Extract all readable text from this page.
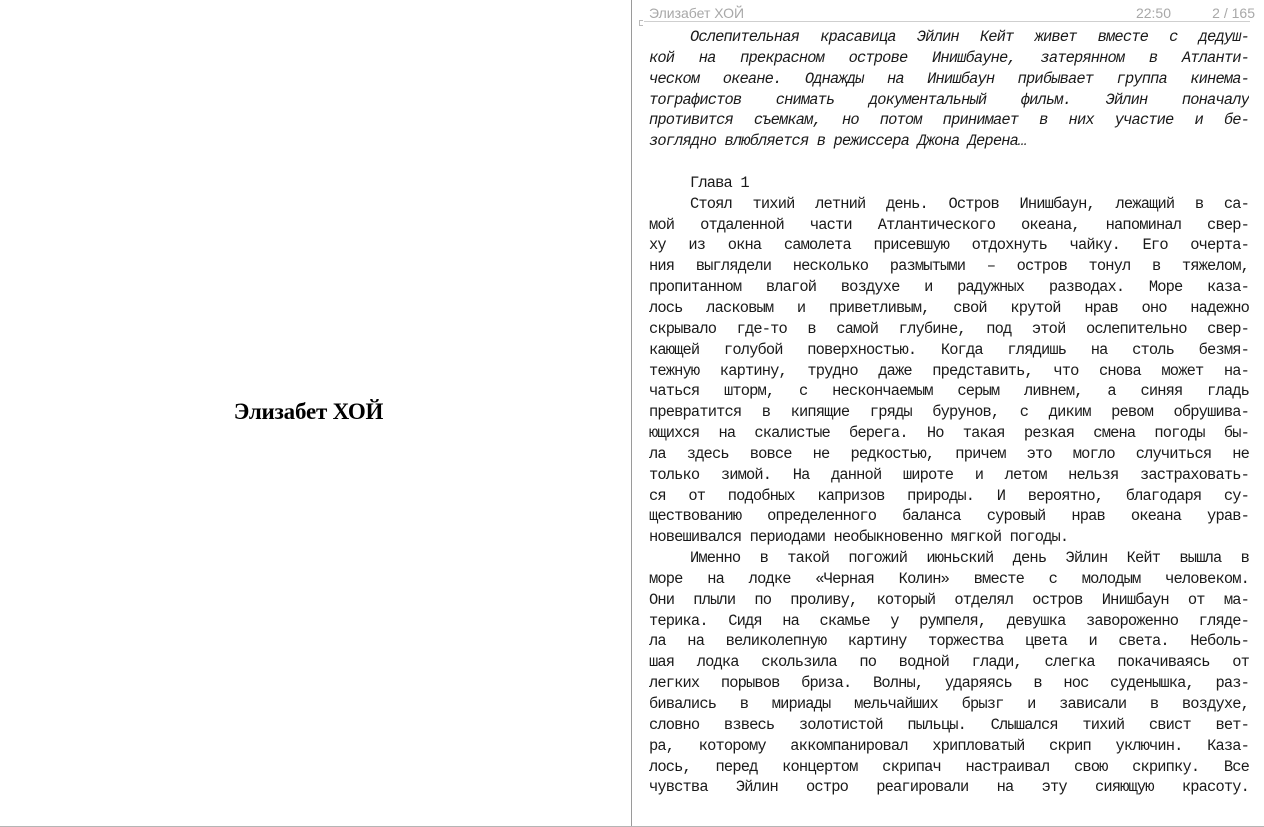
Элизабет ХОЙ
Элизабет ХОЙ	22:50	2 / 165
Ослепительная красавица Эйлин Кейт живет вместе с дедуш-
кой на прекрасном острове Инишбауне, затерянном в Атланти-
ческом океане. Однажды на Инишбаун прибывает группа кинема-
тографистов снимать документальный фильм. Эйлин поначалу
противится съемкам, но потом принимает в них участие и бе-
зоглядно влюбляется в режиссера Джона Дерена…
Глава 1
Стоял тихий летний день. Остров Инишбаун, лежащий в са-
мой отдаленной части Атлантического океана, напоминал свер-
ху из окна самолета присевшую отдохнуть чайку. Его очерта-
ния выглядели несколько размытыми – остров тонул в тяжелом,
пропитанном влагой воздухе и радужных разводах. Море каза-
лось ласковым и приветливым, свой крутой нрав оно надежно
скрывало где-то в самой глубине, под этой ослепительно свер-
кающей голубой поверхностью. Когда глядишь на столь безмя-
тежную картину, трудно даже представить, что снова может на-
чаться шторм, с нескончаемым серым ливнем, а синяя гладь
превратится в кипящие гряды бурунов, с диким ревом обрушива-
ющихся на скалистые берега. Но такая резкая смена погоды бы-
ла здесь вовсе не редкостью, причем это могло случиться не
только зимой. На данной широте и летом нельзя застраховать-
ся от подобных капризов природы. И вероятно, благодаря су-
ществованию определенного баланса суровый нрав океана урав-
новешивался периодами необыкновенно мягкой погоды.
Именно в такой погожий июньский день Эйлин Кейт вышла в
море на лодке «Черная Колин» вместе с молодым человеком.
Они плыли по проливу, который отделял остров Инишбаун от ма-
терика. Сидя на скамье у румпеля, девушка завороженно гляде-
ла на великолепную картину торжества цвета и света. Неболь-
шая лодка скользила по водной глади, слегка покачиваясь от
легких порывов бриза. Волны, ударяясь в нос суденышка, раз-
бивались в мириады мельчайших брызг и зависали в воздухе,
словно взвесь золотистой пыльцы. Слышался тихий свист вет-
ра, которому аккомпанировал хрипловатый скрип уключин. Каза-
лось, перед концертом скрипач настраивал свою скрипку. Все
чувства Эйлин остро реагировали на эту сияющую красоту.
